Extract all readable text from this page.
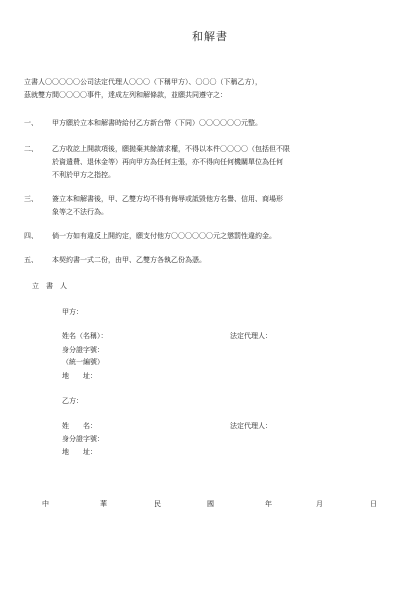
和解書
立書人〇〇〇〇〇公司法定代理人〇〇〇（下稱甲方）、〇〇〇（下稱乙方），
茲就雙方間〇〇〇〇事件，達成左列和解條款，並願共同遵守之：
一、 甲方願於立本和解書時給付乙方新台幣（下同）〇〇〇〇〇〇元整。
二、 乙方收訖上開款項後，願拋棄其餘請求權，不得以本件〇〇〇〇（包括但不限
於資遣費、退休金等）再向甲方為任何主張，亦不得向任何機關單位為任何
不利於甲方之指控。
三、 簽立本和解書後，甲、乙雙方均不得有侮辱或詆毀他方名譽、信用、商場形
象等之不法行為。
四、 倘一方如有違反上開約定，願支付他方〇〇〇〇〇〇元之懲罰性違約金。
五、 本契約書一式二份，由甲、乙雙方各執乙份為憑。
立　書　人
甲方：
姓名（名稱）：	法定代理人：
身分證字號：
（統一編號）
地　　址：
乙方：
姓　　名：	法定代理人：
身分證字號：
地　　址：
中	華	民	國	年	月	日
